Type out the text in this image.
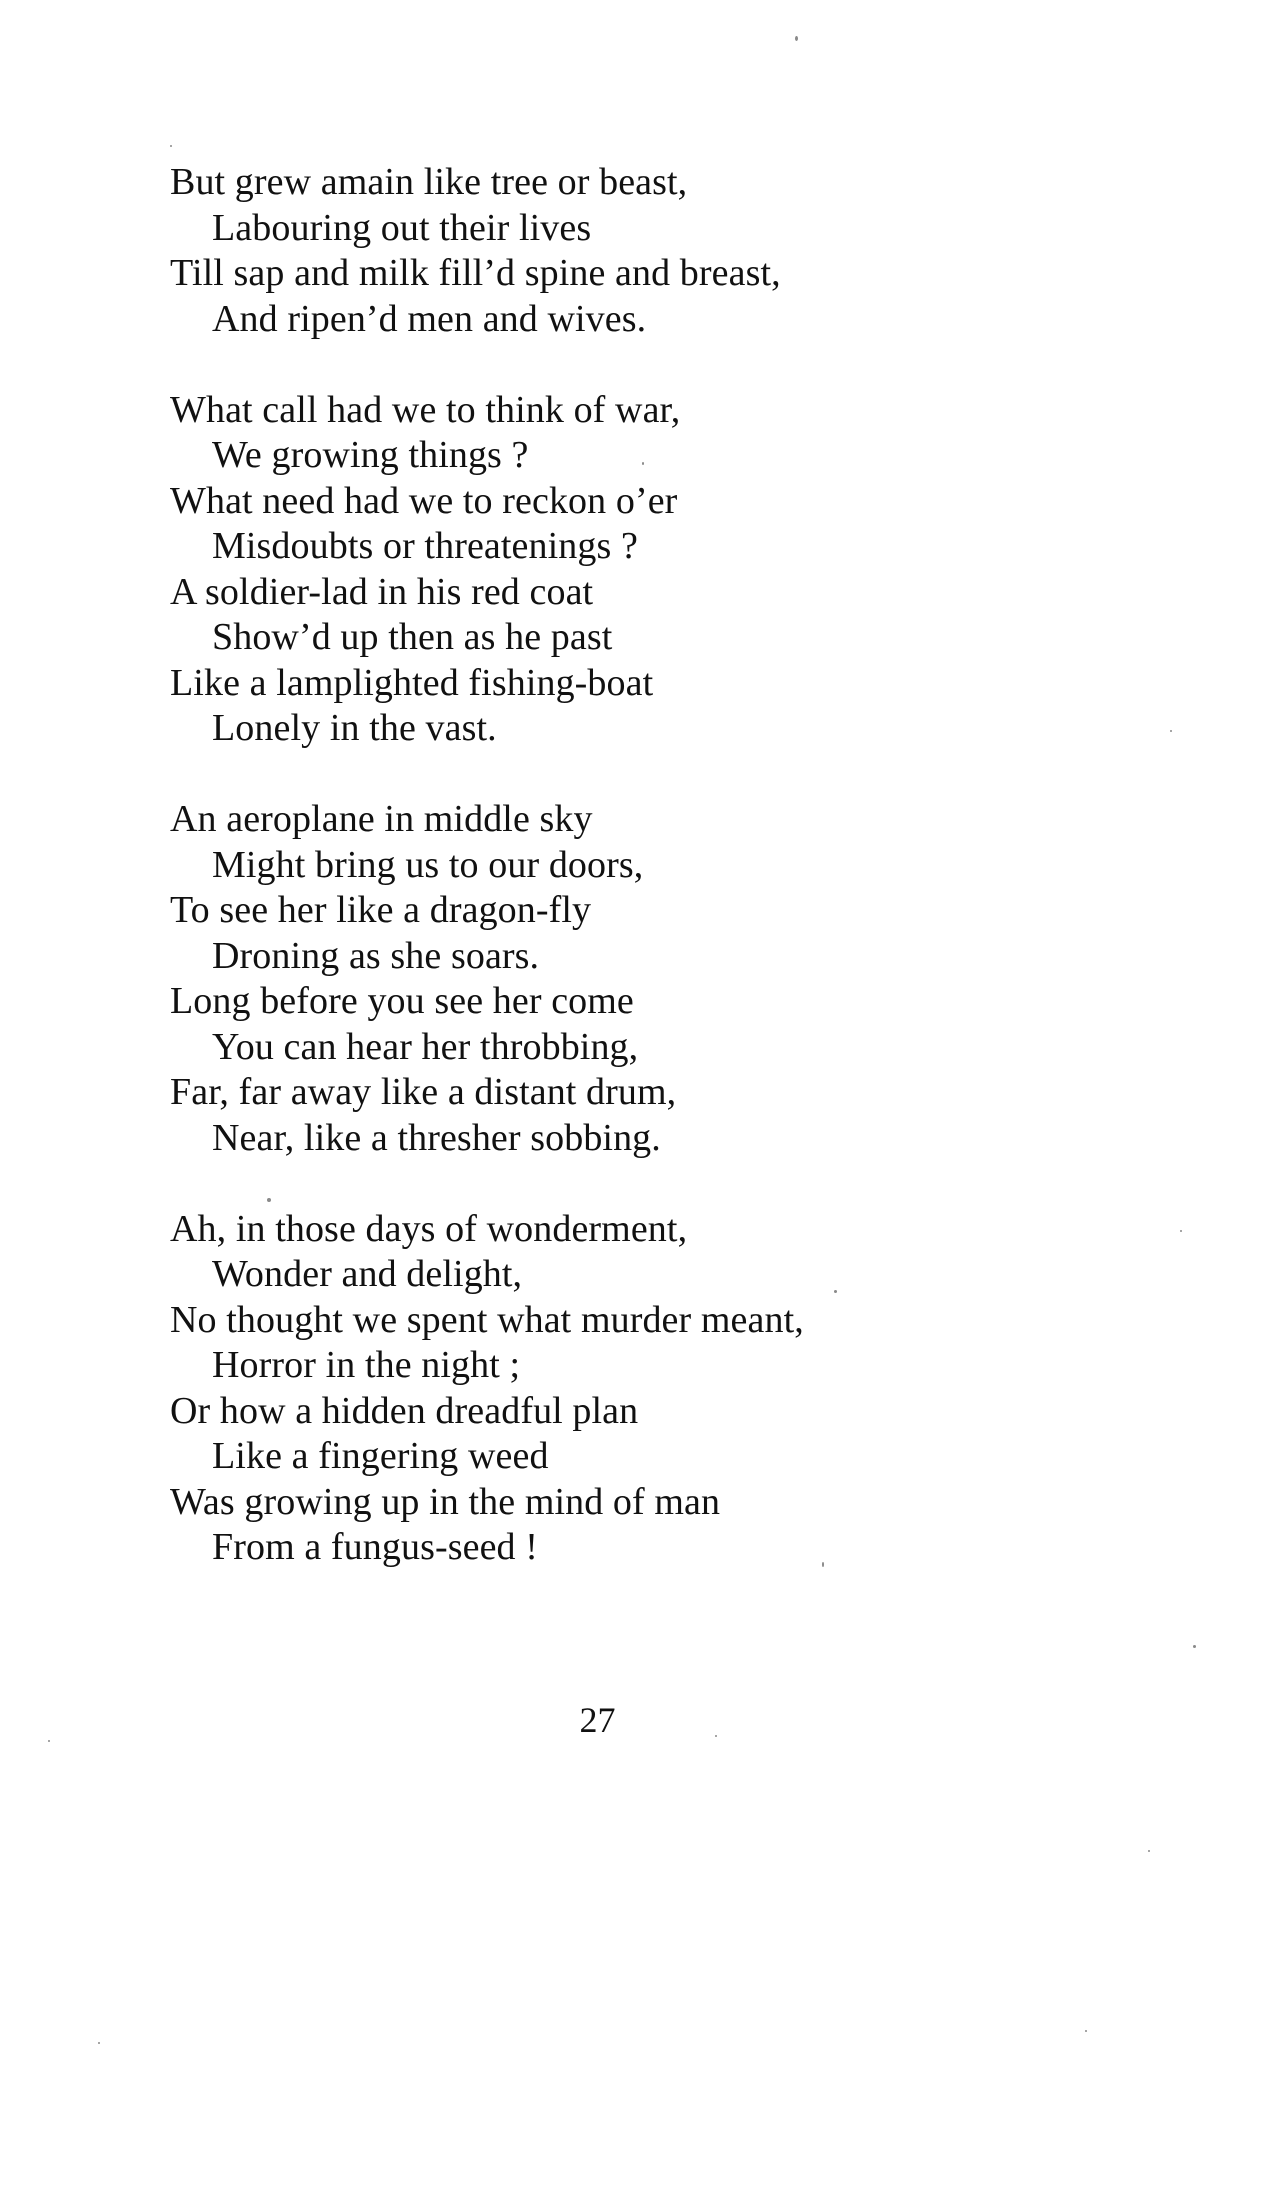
But grew amain like tree or beast,
Labouring out their lives
Till sap and milk fill’d spine and breast,
And ripen’d men and wives.
What call had we to think of war,
We growing things ?
What need had we to reckon o’er
Misdoubts or threatenings ?
A soldier-lad in his red coat
Show’d up then as he past
Like a lamplighted fishing-boat
Lonely in the vast.
An aeroplane in middle sky
Might bring us to our doors,
To see her like a dragon-fly
Droning as she soars.
Long before you see her come
You can hear her throbbing,
Far, far away like a distant drum,
Near, like a thresher sobbing.
Ah, in those days of wonderment,
Wonder and delight,
No thought we spent what murder meant,
Horror in the night ;
Or how a hidden dreadful plan
Like a fingering weed
Was growing up in the mind of man
From a fungus-seed !
27
